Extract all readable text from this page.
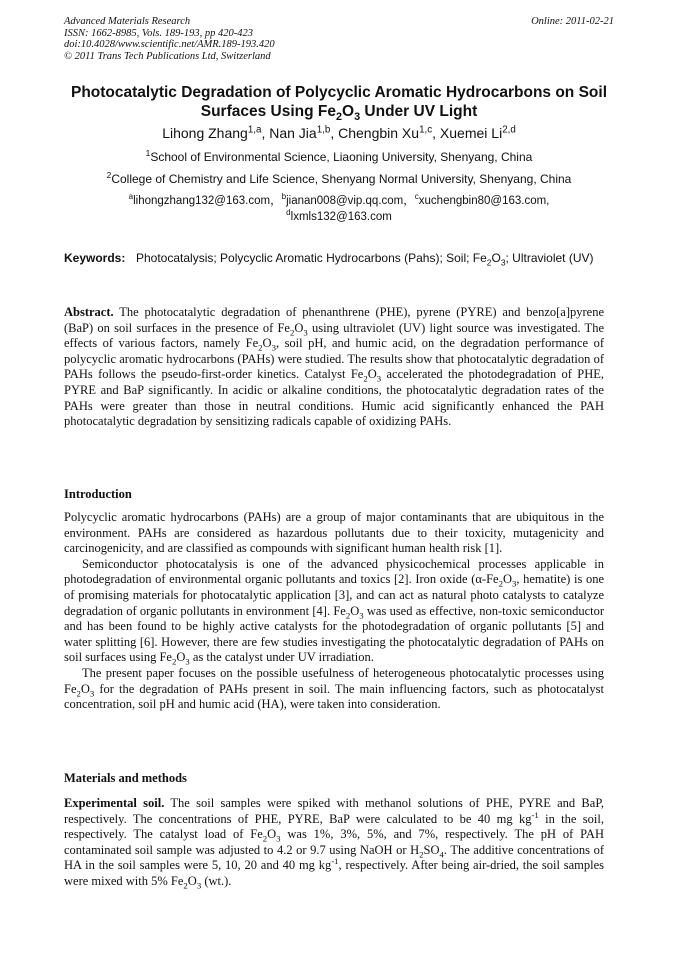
Advanced Materials Research
ISSN: 1662-8985, Vols. 189-193, pp 420-423
doi:10.4028/www.scientific.net/AMR.189-193.420
© 2011 Trans Tech Publications Ltd, Switzerland
Online: 2011-02-21
Photocatalytic Degradation of Polycyclic Aromatic Hydrocarbons on Soil
Surfaces Using $Fe_2O_3$ Under UV Light
Lihong Zhang$^{1,a}$, Nan Jia$^{1,b}$, Chengbin Xu$^{1,c}$, Xuemei Li$^{2,d}$
$^1$School of Environmental Science, Liaoning University, Shenyang, China
$^2$College of Chemistry and Life Science, Shenyang Normal University, Shenyang, China
$^a$lihongzhang132@163.com，$^b$jianan008@vip.qq.com，$^c$xuchengbin80@163.com,
$^d$lxmls132@163.com
Keywords: Photocatalysis; Polycyclic Aromatic Hydrocarbons (Pahs); Soil; $Fe_2O_3$; Ultraviolet (UV)

Abstract. The photocatalytic degradation of phenanthrene (PHE), pyrene (PYRE) and benzo[a]pyrene (BaP) on soil surfaces in the presence of $Fe_2O_3$ using ultraviolet (UV) light source was investigated. The effects of various factors, namely $Fe_2O_3$, soil pH, and humic acid, on the degradation performance of polycyclic aromatic hydrocarbons (PAHs) were studied. The results show that photocatalytic degradation of PAHs follows the pseudo-first-order kinetics. Catalyst $Fe_2O_3$ accelerated the photodegradation of PHE, PYRE and BaP significantly. In acidic or alkaline conditions, the photocatalytic degradation rates of the PAHs were greater than those in neutral conditions. Humic acid significantly enhanced the PAH photocatalytic degradation by sensitizing radicals capable of oxidizing PAHs.

Introduction

Polycyclic aromatic hydrocarbons (PAHs) are a group of major contaminants that are ubiquitous in the environment. PAHs are considered as hazardous pollutants due to their toxicity, mutagenicity and carcinogenicity, and are classified as compounds with significant human health risk [1].

Semiconductor photocatalysis is one of the advanced physicochemical processes applicable in photodegradation of environmental organic pollutants and toxics [2]. Iron oxide ($\alpha-Fe_2O_3$, hematite) is one of promising materials for photocatalytic application [3], and can act as natural photo catalysts to catalyze degradation of organic pollutants in environment [4]. $Fe_2O_3$ was used as effective, non-toxic semiconductor and has been found to be highly active catalysts for the photodegradation of organic pollutants [5] and water splitting [6]. However, there are few studies investigating the photocatalytic degradation of PAHs on soil surfaces using $Fe_2O_3$ as the catalyst under UV irradiation.

The present paper focuses on the possible usefulness of heterogeneous photocatalytic processes using $Fe_2O_3$ for the degradation of PAHs present in soil. The main influencing factors, such as photocatalyst concentration, soil pH and humic acid (HA), were taken into consideration.

Materials and methods

Experimental soil. The soil samples were spiked with methanol solutions of PHE, PYRE and BaP, respectively. The concentrations of PHE, PYRE, BaP were calculated to be 40 mg $kg^{-1}$ in the soil, respectively. The catalyst load of $Fe_2O_3$ was 1%, 3%, 5%, and 7%, respectively. The pH of PAH contaminated soil sample was adjusted to 4.2 or 9.7 using NaOH or $H_2SO_4$. The additive concentrations of HA in the soil samples were 5, 10, 20 and 40 mg $kg^{-1}$, respectively. After being air-dried, the soil samples were mixed with 5% $Fe_2O_3$ (wt.).
